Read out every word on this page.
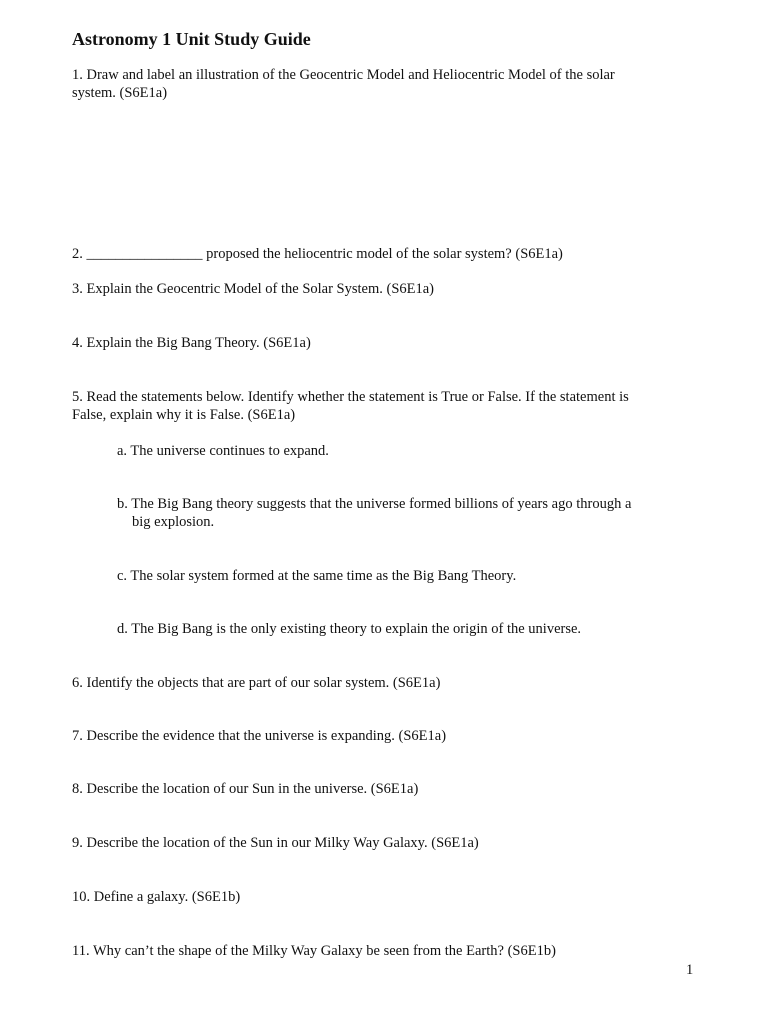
Astronomy 1 Unit Study Guide
1. Draw and label an illustration of the Geocentric Model and Heliocentric Model of the solar
system. (S6E1a)
2. ________________ proposed the heliocentric model of the solar system? (S6E1a)
3. Explain the Geocentric Model of the Solar System. (S6E1a)
4. Explain the Big Bang Theory. (S6E1a)
5. Read the statements below. Identify whether the statement is True or False. If the statement is
False, explain why it is False. (S6E1a)
a. The universe continues to expand.
b. The Big Bang theory suggests that the universe formed billions of years ago through a
big explosion.
c. The solar system formed at the same time as the Big Bang Theory.
d. The Big Bang is the only existing theory to explain the origin of the universe.
6. Identify the objects that are part of our solar system. (S6E1a)
7. Describe the evidence that the universe is expanding. (S6E1a)
8. Describe the location of our Sun in the universe. (S6E1a)
9. Describe the location of the Sun in our Milky Way Galaxy. (S6E1a)
10. Define a galaxy. (S6E1b)
11. Why can’t the shape of the Milky Way Galaxy be seen from the Earth? (S6E1b)
1
